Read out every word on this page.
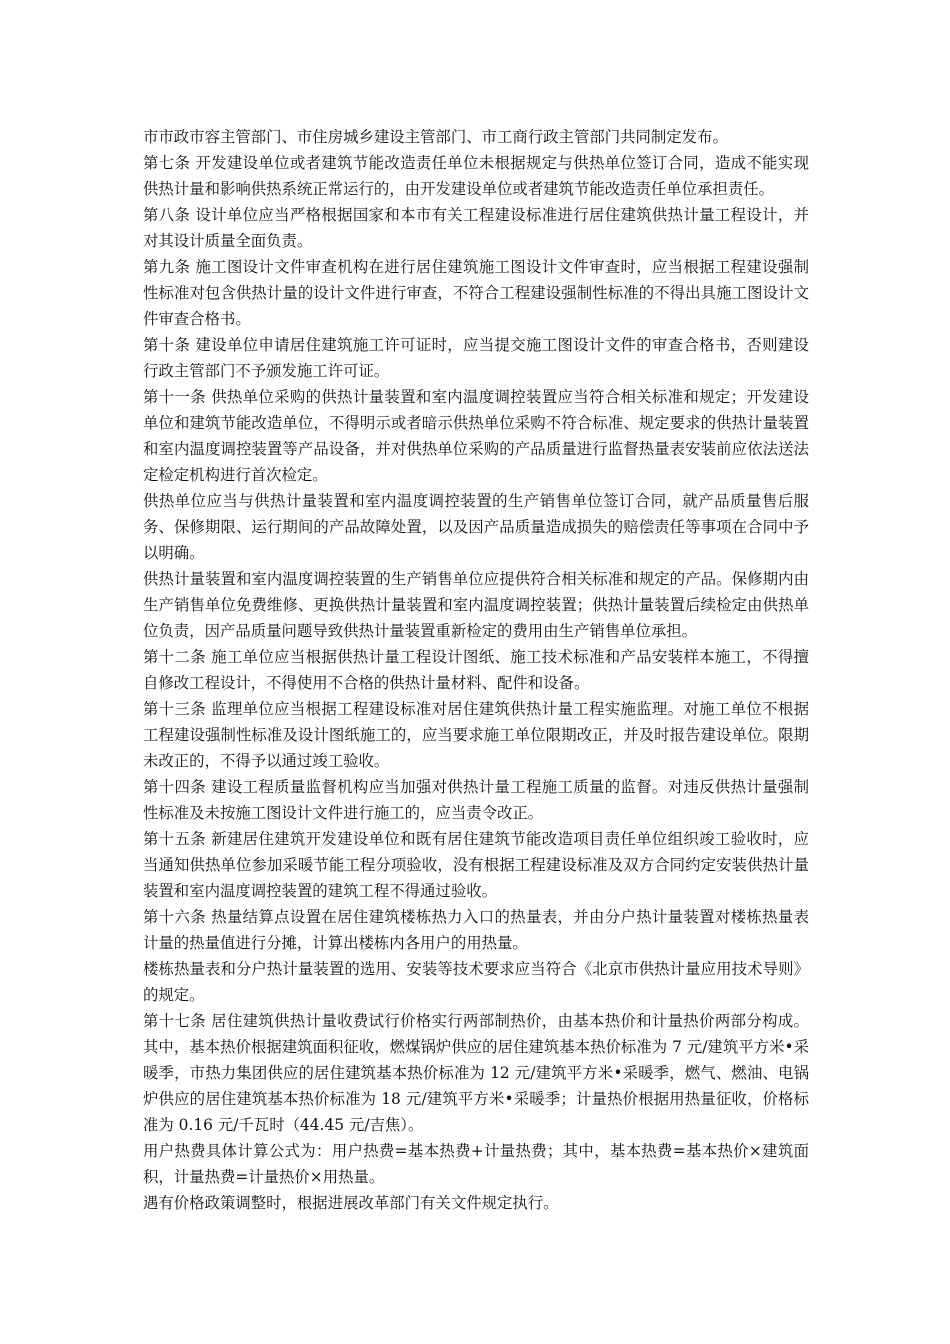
市市政市容主管部门、市住房城乡建设主管部门、市工商行政主管部门共同制定发布。

第七条 开发建设单位或者建筑节能改造责任单位未根据规定与供热单位签订合同，造成不能实现供热计量和影响供热系统正常运行的，由开发建设单位或者建筑节能改造责任单位承担责任。

第八条 设计单位应当严格根据国家和本市有关工程建设标准进行居住建筑供热计量工程设计，并对其设计质量全面负责。

第九条 施工图设计文件审查机构在进行居住建筑施工图设计文件审查时，应当根据工程建设强制性标准对包含供热计量的设计文件进行审查，不符合工程建设强制性标准的不得出具施工图设计文件审查合格书。

第十条 建设单位申请居住建筑施工许可证时，应当提交施工图设计文件的审查合格书，否则建设行政主管部门不予颁发施工许可证。

第十一条 供热单位采购的供热计量装置和室内温度调控装置应当符合相关标准和规定；开发建设单位和建筑节能改造单位，不得明示或者暗示供热单位采购不符合标准、规定要求的供热计量装置和室内温度调控装置等产品设备，并对供热单位采购的产品质量进行监督热量表安装前应依法送法定检定机构进行首次检定。

供热单位应当与供热计量装置和室内温度调控装置的生产销售单位签订合同，就产品质量售后服务、保修期限、运行期间的产品故障处置，以及因产品质量造成损失的赔偿责任等事项在合同中予以明确。

供热计量装置和室内温度调控装置的生产销售单位应提供符合相关标准和规定的产品。保修期内由生产销售单位免费维修、更换供热计量装置和室内温度调控装置；供热计量装置后续检定由供热单位负责，因产品质量问题导致供热计量装置重新检定的费用由生产销售单位承担。

第十二条 施工单位应当根据供热计量工程设计图纸、施工技术标准和产品安装样本施工，不得擅自修改工程设计，不得使用不合格的供热计量材料、配件和设备。

第十三条 监理单位应当根据工程建设标准对居住建筑供热计量工程实施监理。对施工单位不根据工程建设强制性标准及设计图纸施工的，应当要求施工单位限期改正，并及时报告建设单位。限期未改正的，不得予以通过竣工验收。

第十四条 建设工程质量监督机构应当加强对供热计量工程施工质量的监督。对违反供热计量强制性标准及未按施工图设计文件进行施工的，应当责令改正。

第十五条 新建居住建筑开发建设单位和既有居住建筑节能改造项目责任单位组织竣工验收时，应当通知供热单位参加采暖节能工程分项验收，没有根据工程建设标准及双方合同约定安装供热计量装置和室内温度调控装置的建筑工程不得通过验收。

第十六条 热量结算点设置在居住建筑楼栋热力入口的热量表，并由分户热计量装置对楼栋热量表计量的热量值进行分摊，计算出楼栋内各用户的用热量。

楼栋热量表和分户热计量装置的选用、安装等技术要求应当符合《北京市供热计量应用技术导则》的规定。

第十七条 居住建筑供热计量收费试行价格实行两部制热价，由基本热价和计量热价两部分构成。其中，基本热价根据建筑面积征收，燃煤锅炉供应的居住建筑基本热价标准为 7 元/建筑平方米•采暖季，市热力集团供应的居住建筑基本热价标准为 12 元/建筑平方米•采暖季，燃气、燃油、电锅炉供应的居住建筑基本热价标准为 18 元/建筑平方米•采暖季；计量热价根据用热量征收，价格标准为 0.16 元/千瓦时（44.45 元/吉焦）。

用户热费具体计算公式为：用户热费=基本热费+计量热费；其中，基本热费=基本热价×建筑面积，计量热费=计量热价×用热量。

遇有价格政策调整时，根据进展改革部门有关文件规定执行。
